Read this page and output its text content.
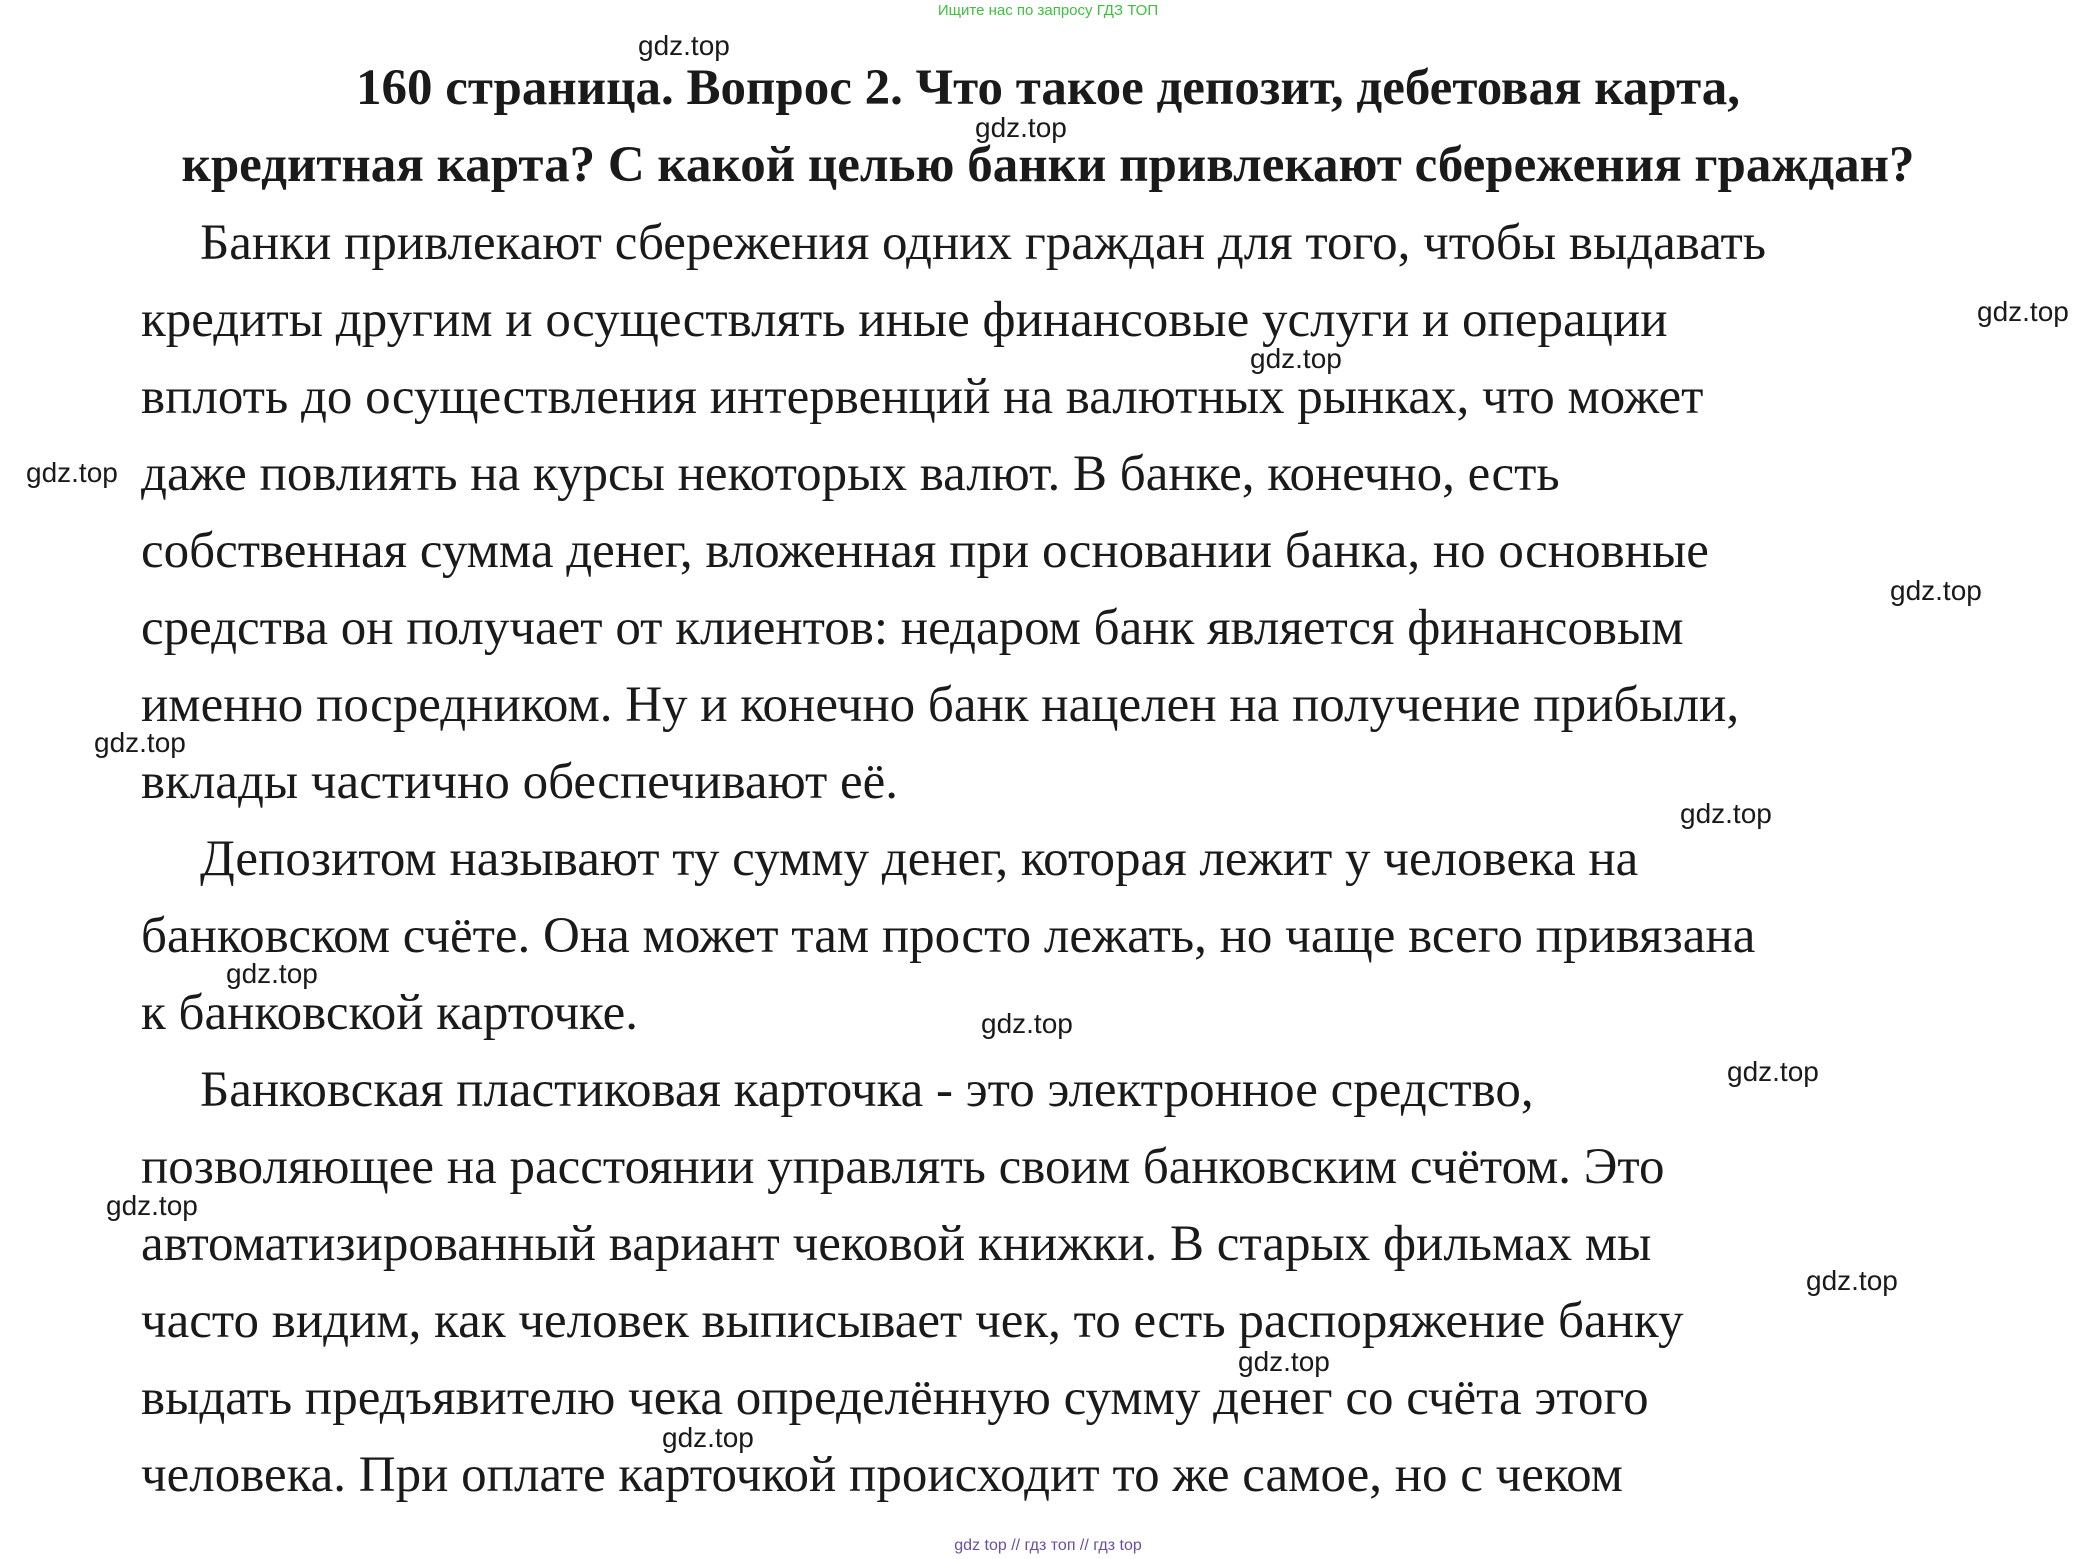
Ищите нас по запросу ГДЗ ТОП
160 страница. Вопрос 2. Что такое депозит, дебетовая карта,
кредитная карта? С какой целью банки привлекают сбережения граждан?
Банки привлекают сбережения одних граждан для того, чтобы выдавать
кредиты другим и осуществлять иные финансовые услуги и операции
вплоть до осуществления интервенций на валютных рынках, что может
даже повлиять на курсы некоторых валют. В банке, конечно, есть
собственная сумма денег, вложенная при основании банка, но основные
средства он получает от клиентов: недаром банк является финансовым
именно посредником. Ну и конечно банк нацелен на получение прибыли,
вклады частично обеспечивают её.
Депозитом называют ту сумму денег, которая лежит у человека на
банковском счёте. Она может там просто лежать, но чаще всего привязана
к банковской карточке.
Банковская пластиковая карточка - это электронное средство,
позволяющее на расстоянии управлять своим банковским счётом. Это
автоматизированный вариант чековой книжки. В старых фильмах мы
часто видим, как человек выписывает чек, то есть распоряжение банку
выдать предъявителю чека определённую сумму денег со счёта этого
человека. При оплате карточкой происходит то же самое, но с чеком
gdz.top
gdz.top
gdz.top
gdz.top
gdz.top
gdz.top
gdz.top
gdz.top
gdz.top
gdz.top
gdz.top
gdz.top
gdz.top
gdz.top
gdz.top
gdz top // гдз топ // гдз top
